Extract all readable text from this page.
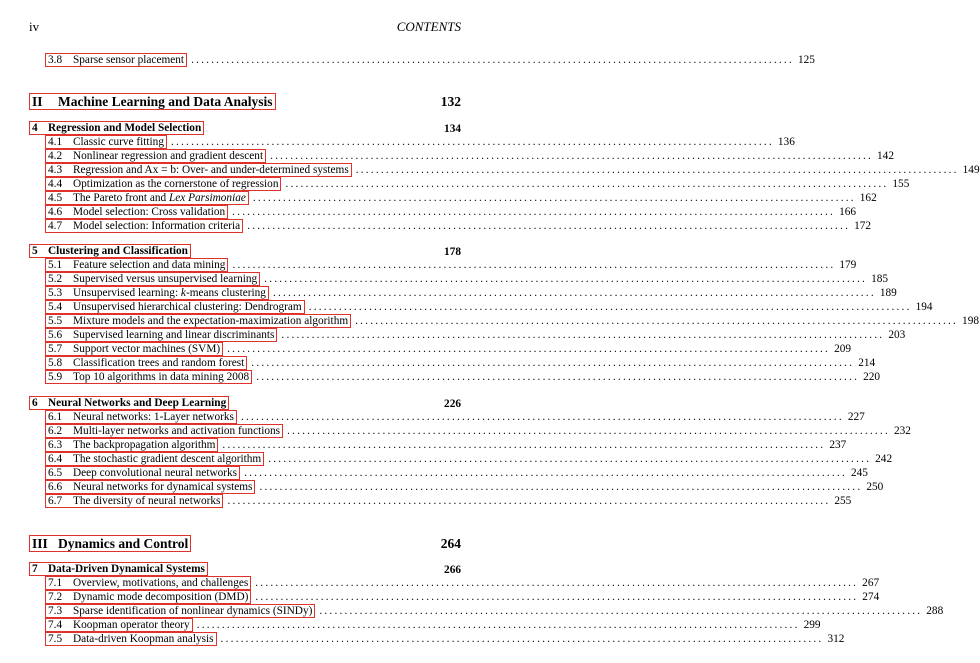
iv	CONTENTS
3.8 Sparse sensor placement ........................................................................................................................ 125
II	Machine Learning and Data Analysis	132
4 Regression and Model Selection	134
4.1 Classic curve fitting ........................................................................................................................ 136
4.2 Nonlinear regression and gradient descent ........................................................................................................................ 142
4.3 Regression and Ax = b: Over- and under-determined systems ........................................................................................................................ 149
4.4 Optimization as the cornerstone of regression ........................................................................................................................ 155
4.5 The Pareto front and Lex Parsimoniae ........................................................................................................................ 162
4.6 Model selection: Cross validation ........................................................................................................................ 166
4.7 Model selection: Information criteria ........................................................................................................................ 172
5 Clustering and Classification	178
5.1 Feature selection and data mining ........................................................................................................................ 179
5.2 Supervised versus unsupervised learning ........................................................................................................................ 185
5.3 Unsupervised learning: k-means clustering ........................................................................................................................ 189
5.4 Unsupervised hierarchical clustering: Dendrogram ........................................................................................................................ 194
5.5 Mixture models and the expectation-maximization algorithm ........................................................................................................................ 198
5.6 Supervised learning and linear discriminants ........................................................................................................................ 203
5.7 Support vector machines (SVM) ........................................................................................................................ 209
5.8 Classification trees and random forest ........................................................................................................................ 214
5.9 Top 10 algorithms in data mining 2008 ........................................................................................................................ 220
6 Neural Networks and Deep Learning	226
6.1 Neural networks: 1-Layer networks ........................................................................................................................ 227
6.2 Multi-layer networks and activation functions ........................................................................................................................ 232
6.3 The backpropagation algorithm ........................................................................................................................ 237
6.4 The stochastic gradient descent algorithm ........................................................................................................................ 242
6.5 Deep convolutional neural networks ........................................................................................................................ 245
6.6 Neural networks for dynamical systems ........................................................................................................................ 250
6.7 The diversity of neural networks ........................................................................................................................ 255
III Dynamics and Control	264
7 Data-Driven Dynamical Systems	266
7.1 Overview, motivations, and challenges ........................................................................................................................ 267
7.2 Dynamic mode decomposition (DMD) ........................................................................................................................ 274
7.3 Sparse identification of nonlinear dynamics (SINDy) ........................................................................................................................ 288
7.4 Koopman operator theory ........................................................................................................................ 299
7.5 Data-driven Koopman analysis ........................................................................................................................ 312
